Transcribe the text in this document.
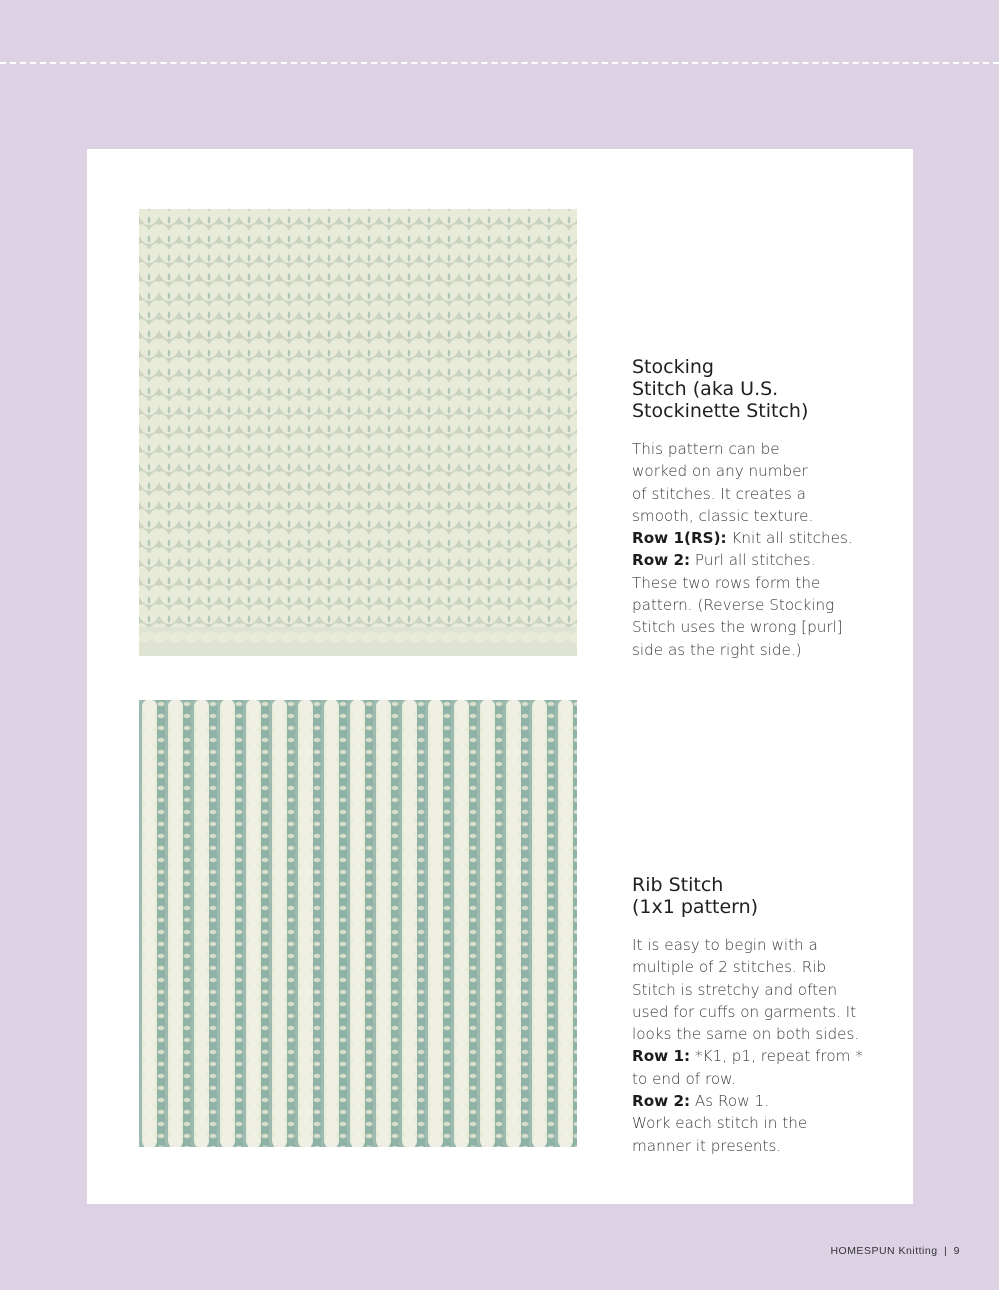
Stocking
Stitch (aka U.S.
Stockinette Stitch)
This pattern can be
worked on any number
of stitches. It creates a
smooth, classic texture.
Row 1(RS): Knit all stitches.
Row 2: Purl all stitches.
These two rows form the
pattern. (Reverse Stocking
Stitch uses the wrong [purl]
side as the right side.)
Rib Stitch
(1x1 pattern)
It is easy to begin with a
multiple of 2 stitches. Rib
Stitch is stretchy and often
used for cuffs on garments. It
looks the same on both sides.
Row 1: *K1, p1, repeat from *
to end of row.
Row 2: As Row 1.
Work each stitch in the
manner it presents.
HOMESPUN Knitting | 9
